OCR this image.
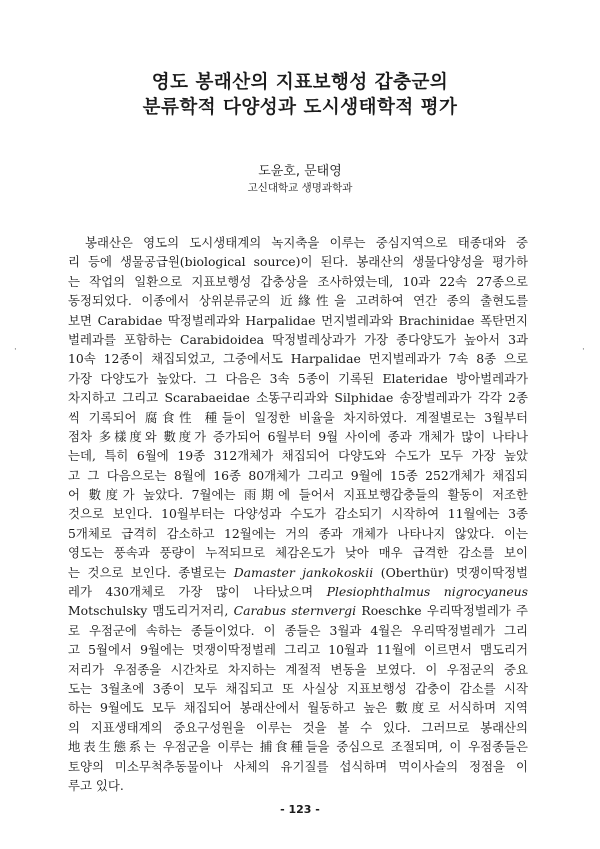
영도 봉래산의 지표보행성 갑충군의
분류학적 다양성과 도시생태학적 평가
도윤호, 문태영
고신대학교 생명과학과
봉래산은 영도의 도시생태계의 녹지축을 이루는 중심지역으로 태종대와 중
리 등에 생물공급원(biological source)이 된다. 봉래산의 생물다양성을 평가하
는 작업의 일환으로 지표보행성 갑충상을 조사하였는데, 10과 22속 27종으로
동정되었다. 이종에서 상위분류군의 近緣性을 고려하여 연간 종의 출현도를
보면 Carabidae 딱정벌레과와 Harpalidae 먼지벌레과와 Brachinidae 폭탄먼지
벌레과를 포함하는 Carabidoidea 딱정벌레상과가 가장 종다양도가 높아서 3과
10속 12종이 채집되었고, 그중에서도 Harpalidae 먼지벌레과가 7속 8종 으로
가장 다양도가 높았다. 그 다음은 3속 5종이 기록된 Elateridae 방아벌레과가
차지하고 그리고 Scarabaeidae 소똥구리과와 Silphidae 송장벌레과가 각각 2종
씩 기록되어 腐食性 種들이 일정한 비율을 차지하였다. 계절별로는 3월부터
점차 多樣度와 數度가 증가되어 6월부터 9월 사이에 종과 개체가 많이 나타나
는데, 특히 6월에 19종 312개체가 채집되어 다양도와 수도가 모두 가장 높았
고 그 다음으로는 8월에 16종 80개체가 그리고 9월에 15종 252개체가 채집되
어 數度가 높았다. 7월에는 雨期에 들어서 지표보행갑충들의 활동이 저조한
것으로 보인다. 10월부터는 다양성과 수도가 감소되기 시작하여 11월에는 3종
5개체로 급격히 감소하고 12월에는 거의 종과 개체가 나타나지 않았다. 이는
영도는 풍속과 풍량이 누적되므로 체감온도가 낮아 매우 급격한 감소를 보이
는 것으로 보인다. 종별로는 Damaster jankokoskii (Oberthür) 멋쟁이딱정벌
레가 430개체로 가장 많이 나타났으며 Plesiophthalmus nigrocyaneus
Motschulsky 맴도리거저리, Carabus sternvergi Roeschke 우리딱정벌레가 주
로 우점군에 속하는 종들이었다. 이 종들은 3월과 4월은 우리딱정벌레가 그리
고 5월에서 9월에는 멋쟁이딱정벌레 그리고 10월과 11월에 이르면서 맴도리거
저리가 우점종을 시간차로 차지하는 계절적 변동을 보였다. 이 우점군의 중요
도는 3월초에 3종이 모두 채집되고 또 사실상 지표보행성 갑충이 감소를 시작
하는 9월에도 모두 채집되어 봉래산에서 월동하고 높은 數度로 서식하며 지역
의 지표생태계의 중요구성원을 이루는 것을 볼 수 있다. 그러므로 봉래산의
地表生態系는 우점군을 이루는 捕食種들을 중심으로 조절되며, 이 우점종들은
토양의 미소무척추동물이나 사체의 유기질를 섭식하며 먹이사슬의 정점을 이
루고 있다.
·	·
- 123 -
